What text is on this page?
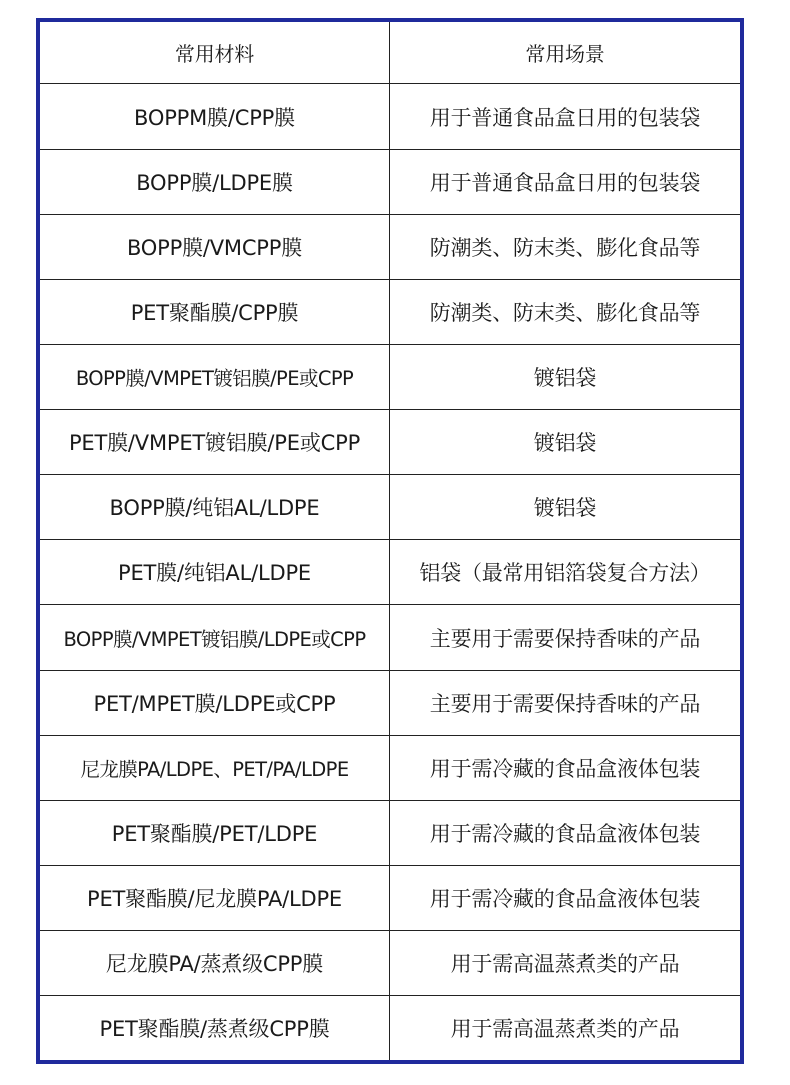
常用材料	常用场景
BOPPM膜/CPP膜	用于普通食品盒日用的包装袋
BOPP膜/LDPE膜	用于普通食品盒日用的包装袋
BOPP膜/VMCPP膜	防潮类、防末类、膨化食品等
PET聚酯膜/CPP膜	防潮类、防末类、膨化食品等
BOPP膜/VMPET镀铝膜/PE或CPP	镀铝袋
PET膜/VMPET镀铝膜/PE或CPP	镀铝袋
BOPP膜/纯铝AL/LDPE	镀铝袋
PET膜/纯铝AL/LDPE	铝袋（最常用铝箔袋复合方法）
BOPP膜/VMPET镀铝膜/LDPE或CPP	主要用于需要保持香味的产品
PET/MPET膜/LDPE或CPP	主要用于需要保持香味的产品
尼龙膜PA/LDPE、PET/PA/LDPE	用于需冷藏的食品盒液体包装
PET聚酯膜/PET/LDPE	用于需冷藏的食品盒液体包装
PET聚酯膜/尼龙膜PA/LDPE	用于需冷藏的食品盒液体包装
尼龙膜PA/蒸煮级CPP膜	用于需高温蒸煮类的产品
PET聚酯膜/蒸煮级CPP膜	用于需高温蒸煮类的产品
